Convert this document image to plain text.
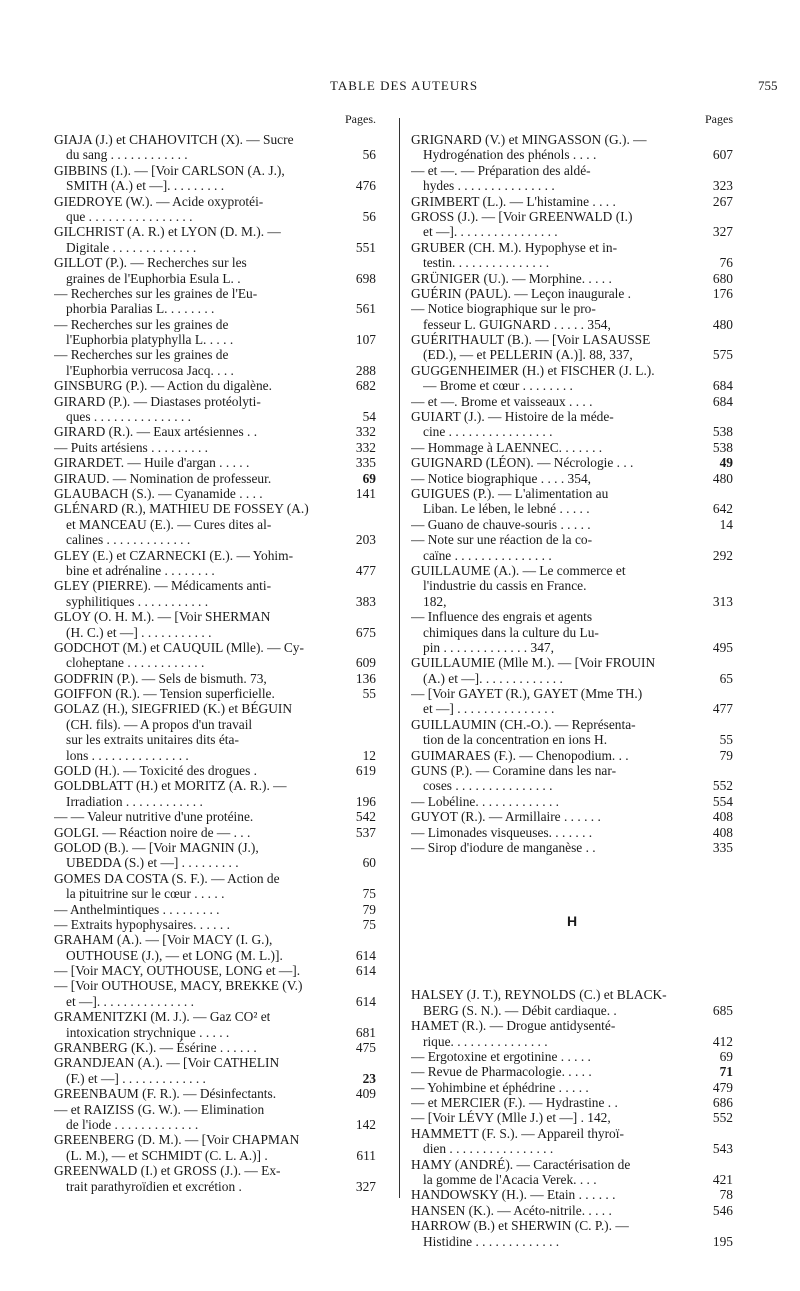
TABLE DES AUTEURS	755
Pages.
GIAJA (J.) et CHAHOVITCH (X). — Sucre
du sang . . . . . . . . . . . .	56
GIBBINS (I.). — [Voir CARLSON (A. J.),
SMITH (A.) et —]. . . . . . . . .	476
GIEDROYE (W.). — Acide oxyprotéi-
que . . . . . . . . . . . . . . . .	56
GILCHRIST (A. R.) et LYON (D. M.). —
Digitale . . . . . . . . . . . . .	551
GILLOT (P.). — Recherches sur les
graines de l'Euphorbia Esula L. .	698
— Recherches sur les graines de l'Eu-
phorbia Paralias L. . . . . . . .	561
— Recherches sur les graines de
l'Euphorbia platyphylla L. . . . .	107
— Recherches sur les graines de
l'Euphorbia verrucosa Jacq. . . .	288
GINSBURG (P.). — Action du digalène.	682
GIRARD (P.). — Diastases protéolyti-
ques . . . . . . . . . . . . . . .	54
GIRARD (R.). — Eaux artésiennes . .	332
— Puits artésiens . . . . . . . . .	332
GIRARDET. — Huile d'argan . . . . .	335
GIRAUD. — Nomination de professeur.	69
GLAUBACH (S.). — Cyanamide . . . .	141
GLÉNARD (R.), MATHIEU DE FOSSEY (A.)
et MANCEAU (E.). — Cures dites al-
calines . . . . . . . . . . . . .	203
GLEY (E.) et CZARNECKI (E.). — Yohim-
bine et adrénaline . . . . . . . .	477
GLEY (PIERRE). — Médicaments anti-
syphilitiques . . . . . . . . . . .	383
GLOY (O. H. M.). — [Voir SHERMAN
(H. C.) et —] . . . . . . . . . . .	675
GODCHOT (M.) et CAUQUIL (Mlle). — Cy-
cloheptane . . . . . . . . . . . .	609
GODFRIN (P.). — Sels de bismuth. 73,	136
GOIFFON (R.). — Tension superficielle.	55
GOLAZ (H.), SIEGFRIED (K.) et BÉGUIN
(CH. fils). — A propos d'un travail
sur les extraits unitaires dits éta-
lons . . . . . . . . . . . . . . .	12
GOLD (H.). — Toxicité des drogues .	619
GOLDBLATT (H.) et MORITZ (A. R.). —
Irradiation . . . . . . . . . . . .	196
— — Valeur nutritive d'une protéine.	542
GOLGI. — Réaction noire de — . . .	537
GOLOD (B.). — [Voir MAGNIN (J.),
UBEDDA (S.) et —] . . . . . . . . .	60
GOMES DA COSTA (S. F.). — Action de
la pituitrine sur le cœur . . . . .	75
— Anthelmintiques . . . . . . . . .	79
— Extraits hypophysaires. . . . . .	75
GRAHAM (A.). — [Voir MACY (I. G.),
OUTHOUSE (J.), — et LONG (M. L.)].	614
— [Voir MACY, OUTHOUSE, LONG et —].	614
— [Voir OUTHOUSE, MACY, BREKKE (V.)
et —]. . . . . . . . . . . . . . .	614
GRAMENITZKI (M. J.). — Gaz CO² et
intoxication strychnique . . . . .	681
GRANBERG (K.). — Ésérine . . . . . .	475
GRANDJEAN (A.). — [Voir CATHELIN
(F.) et —] . . . . . . . . . . . . .	23
GREENBAUM (F. R.). — Désinfectants.	409
— et RAIZISS (G. W.). — Elimination
de l'iode . . . . . . . . . . . . .	142
GREENBERG (D. M.). — [Voir CHAPMAN
(L. M.), — et SCHMIDT (C. L. A.)] .	611
GREENWALD (I.) et GROSS (J.). — Ex-
trait parathyroïdien et excrétion .	327
Pages
GRIGNARD (V.) et MINGASSON (G.). —
Hydrogénation des phénols . . . .	607
— et —. — Préparation des aldé-
hydes . . . . . . . . . . . . . . .	323
GRIMBERT (L.). — L'histamine . . . .	267
GROSS (J.). — [Voir GREENWALD (I.)
et —]. . . . . . . . . . . . . . . .	327
GRUBER (CH. M.). Hypophyse et in-
testin. . . . . . . . . . . . . . .	76
GRÜNIGER (U.). — Morphine. . . . .	680
GUÉRIN (PAUL). — Leçon inaugurale .	176
— Notice biographique sur le pro-
fesseur L. GUIGNARD . . . . . 354,	480
GUÉRITHAULT (B.). — [Voir LASAUSSE
(ED.), — et PELLERIN (A.)]. 88, 337,	575
GUGGENHEIMER (H.) et FISCHER (J. L.).
— Brome et cœur . . . . . . . .	684
— et —. Brome et vaisseaux . . . .	684
GUIART (J.). — Histoire de la méde-
cine . . . . . . . . . . . . . . . .	538
— Hommage à LAENNEC. . . . . . .	538
GUIGNARD (LÉON). — Nécrologie . . .	49
— Notice biographique . . . . 354,	480
GUIGUES (P.). — L'alimentation au
Liban. Le lében, le lebné . . . . .	642
— Guano de chauve-souris . . . . .	14
— Note sur une réaction de la co-
caïne . . . . . . . . . . . . . . .	292
GUILLAUME (A.). — Le commerce et
l'industrie du cassis en France.
182,	313
— Influence des engrais et agents
chimiques dans la culture du Lu-
pin . . . . . . . . . . . . . 347,	495
GUILLAUMIE (Mlle M.). — [Voir FROUIN
(A.) et —]. . . . . . . . . . . . .	65
— [Voir GAYET (R.), GAYET (Mme TH.)
et —] . . . . . . . . . . . . . . .	477
GUILLAUMIN (CH.-O.). — Représenta-
tion de la concentration en ions H.	55
GUIMARAES (F.). — Chenopodium. . .	79
GUNS (P.). — Coramine dans les nar-
coses . . . . . . . . . . . . . . .	552
— Lobéline. . . . . . . . . . . . .	554
GUYOT (R.). — Armillaire . . . . . .	408
— Limonades visqueuses. . . . . . .	408
— Sirop d'iodure de manganèse . .	335
H
HALSEY (J. T.), REYNOLDS (C.) et BLACK-
BERG (S. N.). — Débit cardiaque. .	685
HAMET (R.). — Drogue antidysenté-
rique. . . . . . . . . . . . . . .	412
— Ergotoxine et ergotinine . . . . .	69
— Revue de Pharmacologie. . . . .	71
— Yohimbine et éphédrine . . . . .	479
— et MERCIER (F.). — Hydrastine . .	686
— [Voir LÉVY (Mlle J.) et —] . 142,	552
HAMMETT (F. S.). — Appareil thyroï-
dien . . . . . . . . . . . . . . . .	543
HAMY (ANDRÉ). — Caractérisation de
la gomme de l'Acacia Verek. . . .	421
HANDOWSKY (H.). — Etain . . . . . .	78
HANSEN (K.). — Acéto-nitrile. . . . .	546
HARROW (B.) et SHERWIN (C. P.). —
Histidine . . . . . . . . . . . . .	195
